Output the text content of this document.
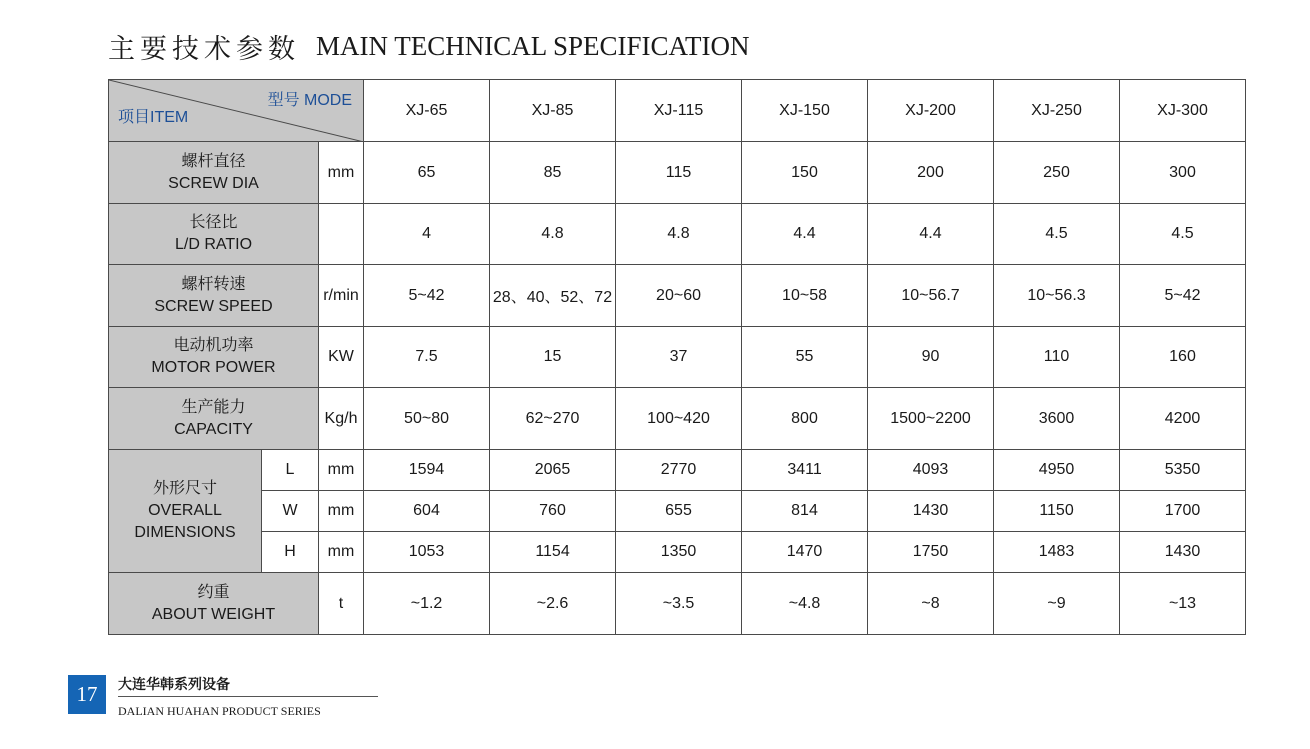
主要技术参数 MAIN TECHNICAL SPECIFICATION
型号 MODE
项目ITEM			XJ-65	XJ-85	XJ-115	XJ-150	XJ-200	XJ-250	XJ-300

螺杆直径
SCREW DIA		mm	65	85	115	150	200	250	300

长径比
L/D RATIO			4	4.8	4.8	4.4	4.4	4.5	4.5

螺杆转速
SCREW SPEED		r/min	5~42	28、40、52、72	20~60	10~58	10~56.7	10~56.3	5~42

电动机功率
MOTOR POWER		KW	7.5	15	37	55	90	110	160

生产能力
CAPACITY		Kg/h	50~80	62~270	100~420	800	1500~2200	3600	4200

外形尺寸
OVERALL
DIMENSIONS	L	mm	1594	2065	2770	3411	4093	4950	5350
	W	mm	604	760	655	814	1430	1150	1700
	H	mm	1053	1154	1350	1470	1750	1483	1430

约重
ABOUT WEIGHT		t	~1.2	~2.6	~3.5	~4.8	~8	~9	~13
17	大连华韩系列设备
DALIAN HUAHAN PRODUCT SERIES
